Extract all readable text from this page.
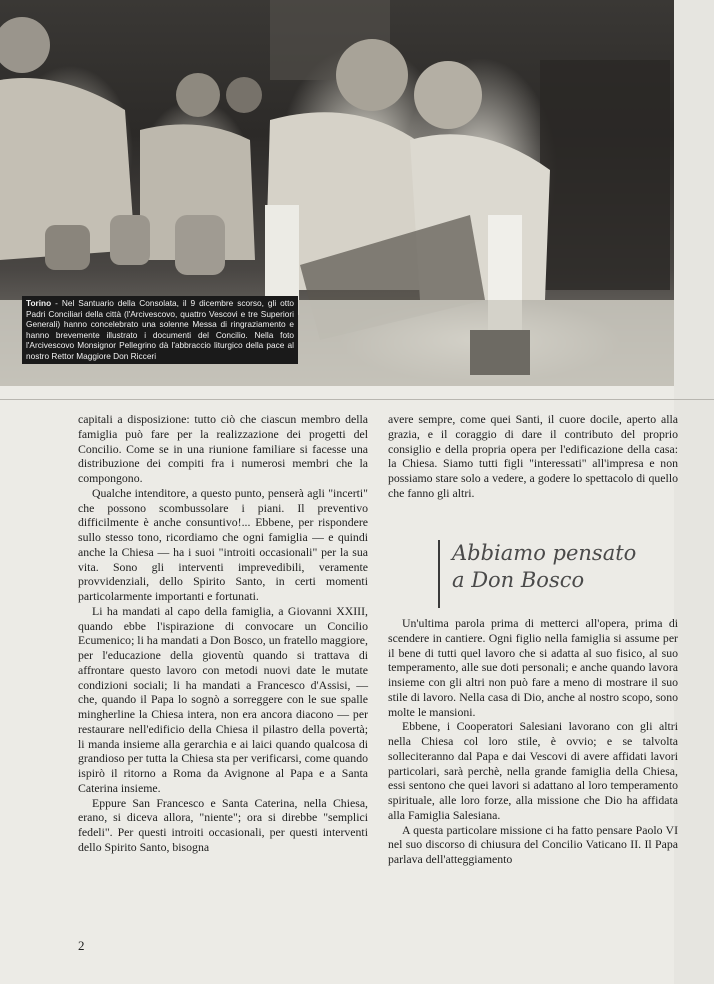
Torino - Nel Santuario della Consolata, il 9 dicembre scorso, gli otto Padri Conciliari della città (l'Arcivescovo, quattro Vescovi e tre Superiori Generali) hanno concelebrato una solenne Messa di ringraziamento e hanno brevemente illustrato i documenti del Concilio. Nella foto l'Arcivescovo Monsignor Pellegrino dà l'abbraccio liturgico della pace al nostro Rettor Maggiore Don Ricceri

capitali a disposizione: tutto ciò che ciascun membro della famiglia può fare per la realizzazione dei progetti del Concilio. Come se in una riunione familiare si facesse una distribuzione dei compiti fra i numerosi membri che la compongono.

Qualche intenditore, a questo punto, penserà agli "incerti" che possono scombussolare i piani. Il preventivo difficilmente è anche consuntivo!... Ebbene, per rispondere sullo stesso tono, ricordiamo che ogni famiglia — e quindi anche la Chiesa — ha i suoi "introiti occasionali" per la sua vita. Sono gli interventi imprevedibili, veramente provvidenziali, dello Spirito Santo, in certi momenti particolarmente importanti e fortunati.

Li ha mandati al capo della famiglia, a Giovanni XXIII, quando ebbe l'ispirazione di convocare un Concilio Ecumenico; li ha mandati a Don Bosco, un fratello maggiore, per l'educazione della gioventù quando si trattava di affrontare questo lavoro con metodi nuovi date le mutate condizioni sociali; li ha mandati a Francesco d'Assisi, — che, quando il Papa lo sognò a sorreggere con le sue spalle mingherline la Chiesa intera, non era ancora diacono — per restaurare nell'edificio della Chiesa il pilastro della povertà; li manda insieme alla gerarchia e ai laici quando qualcosa di grandioso per tutta la Chiesa sta per verificarsi, come quando ispirò il ritorno a Roma da Avignone al Papa e a Santa Caterina insieme.

Eppure San Francesco e Santa Caterina, nella Chiesa, erano, si diceva allora, "niente"; ora si direbbe "semplici fedeli". Per questi introiti occasionali, per questi interventi dello Spirito Santo, bisogna

avere sempre, come quei Santi, il cuore docile, aperto alla grazia, e il coraggio di dare il contributo del proprio consiglio e della propria opera per l'edificazione della casa: la Chiesa. Siamo tutti figli "interessati" all'impresa e non possiamo stare solo a vedere, a godere lo spettacolo di quello che fanno gli altri.

Abbiamo pensato
a Don Bosco

Un'ultima parola prima di metterci all'opera, prima di scendere in cantiere. Ogni figlio nella famiglia si assume per il bene di tutti quel lavoro che si adatta al suo fisico, al suo temperamento, alle sue doti personali; e anche quando lavora insieme con gli altri non può fare a meno di mostrare il suo stile di lavoro. Nella casa di Dio, anche al nostro scopo, sono molte le mansioni.

Ebbene, i Cooperatori Salesiani lavorano con gli altri nella Chiesa col loro stile, è ovvio; e se talvolta solleciteranno dal Papa e dai Vescovi di avere affidati lavori particolari, sarà perchè, nella grande famiglia della Chiesa, essi sentono che quei lavori si adattano al loro temperamento spirituale, alle loro forze, alla missione che Dio ha affidata alla Famiglia Salesiana.

A questa particolare missione ci ha fatto pensare Paolo VI nel suo discorso di chiusura del Concilio Vaticano II. Il Papa parlava dell'atteggiamento

2
